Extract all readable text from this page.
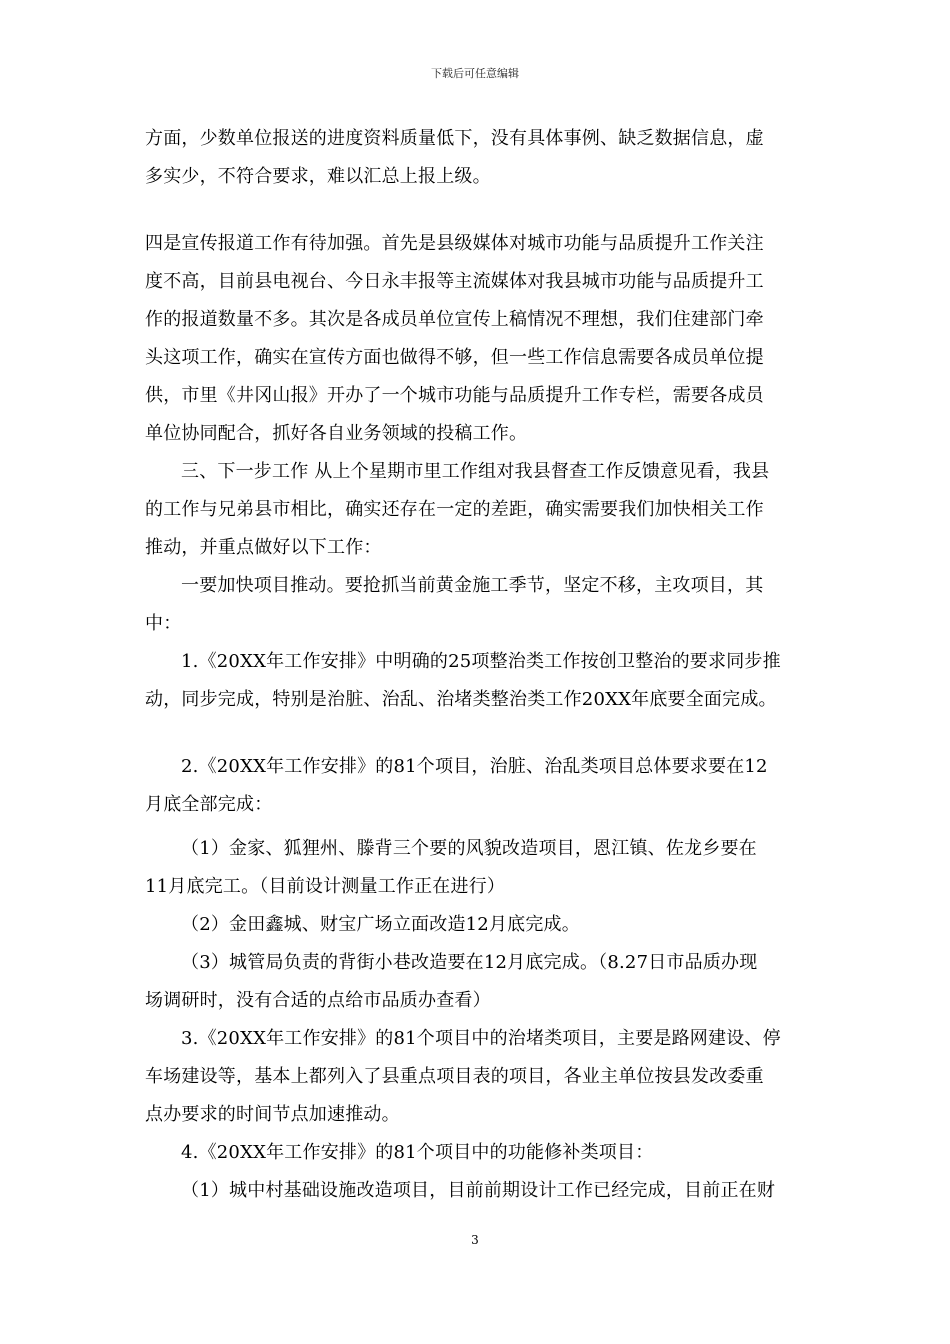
下载后可任意编辑
方面，少数单位报送的进度资料质量低下，没有具体事例、缺乏数据信息，虚
多实少，不符合要求，难以汇总上报上级。
四是宣传报道工作有待加强。首先是县级媒体对城市功能与品质提升工作关注
度不高，目前县电视台、今日永丰报等主流媒体对我县城市功能与品质提升工
作的报道数量不多。其次是各成员单位宣传上稿情况不理想，我们住建部门牵
头这项工作，确实在宣传方面也做得不够，但一些工作信息需要各成员单位提
供，市里《井冈山报》开办了一个城市功能与品质提升工作专栏，需要各成员
单位协同配合，抓好各自业务领域的投稿工作。
三、下一步工作 从上个星期市里工作组对我县督查工作反馈意见看，我县
的工作与兄弟县市相比，确实还存在一定的差距，确实需要我们加快相关工作
推动，并重点做好以下工作：
一要加快项目推动。要抢抓当前黄金施工季节，坚定不移，主攻项目，其
中：
1.《20XX年工作安排》中明确的25项整治类工作按创卫整治的要求同步推
动，同步完成，特别是治脏、治乱、治堵类整治类工作20XX年底要全面完成。
2.《20XX年工作安排》的81个项目，治脏、治乱类项目总体要求要在12
月底全部完成：
（1）金家、狐狸州、滕背三个要的风貌改造项目，恩江镇、佐龙乡要在
11月底完工。（目前设计测量工作正在进行）
（2）金田鑫城、财宝广场立面改造12月底完成。
（3）城管局负责的背街小巷改造要在12月底完成。（8.27日市品质办现
场调研时，没有合适的点给市品质办查看）
3.《20XX年工作安排》的81个项目中的治堵类项目，主要是路网建设、停
车场建设等，基本上都列入了县重点项目表的项目，各业主单位按县发改委重
点办要求的时间节点加速推动。
4.《20XX年工作安排》的81个项目中的功能修补类项目：
（1）城中村基础设施改造项目，目前前期设计工作已经完成，目前正在财
3
